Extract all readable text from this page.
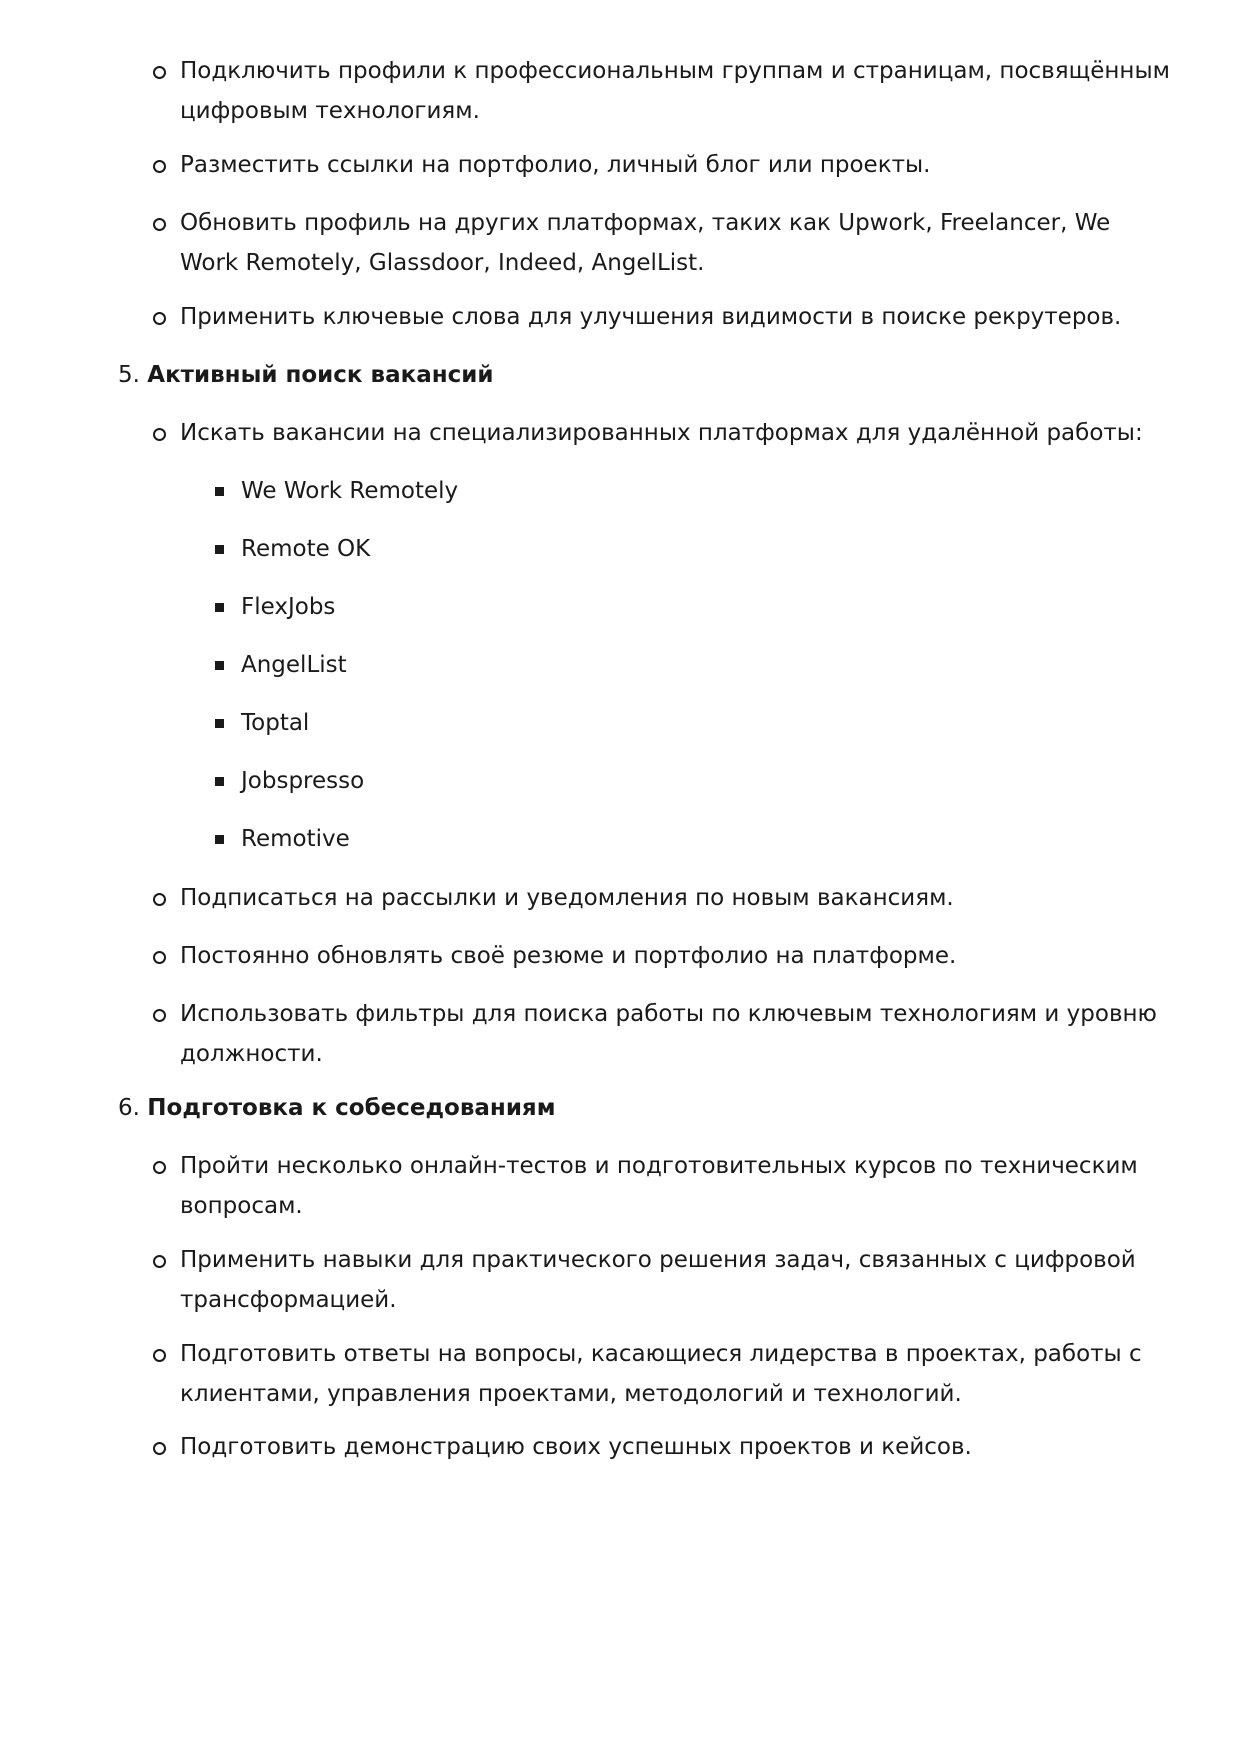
Подключить профили к профессиональным группам и страницам, посвящённым цифровым технологиям.
Разместить ссылки на портфолио, личный блог или проекты.
Обновить профиль на других платформах, таких как Upwork, Freelancer, We Work Remotely, Glassdoor, Indeed, AngelList.
Применить ключевые слова для улучшения видимости в поиске рекрутеров.
5. Активный поиск вакансий
Искать вакансии на специализированных платформах для удалённой работы:
We Work Remotely
Remote OK
FlexJobs
AngelList
Toptal
Jobspresso
Remotive
Подписаться на рассылки и уведомления по новым вакансиям.
Постоянно обновлять своё резюме и портфолио на платформе.
Использовать фильтры для поиска работы по ключевым технологиям и уровню должности.
6. Подготовка к собеседованиям
Пройти несколько онлайн-тестов и подготовительных курсов по техническим вопросам.
Применить навыки для практического решения задач, связанных с цифровой трансформацией.
Подготовить ответы на вопросы, касающиеся лидерства в проектах, работы с клиентами, управления проектами, методологий и технологий.
Подготовить демонстрацию своих успешных проектов и кейсов.
